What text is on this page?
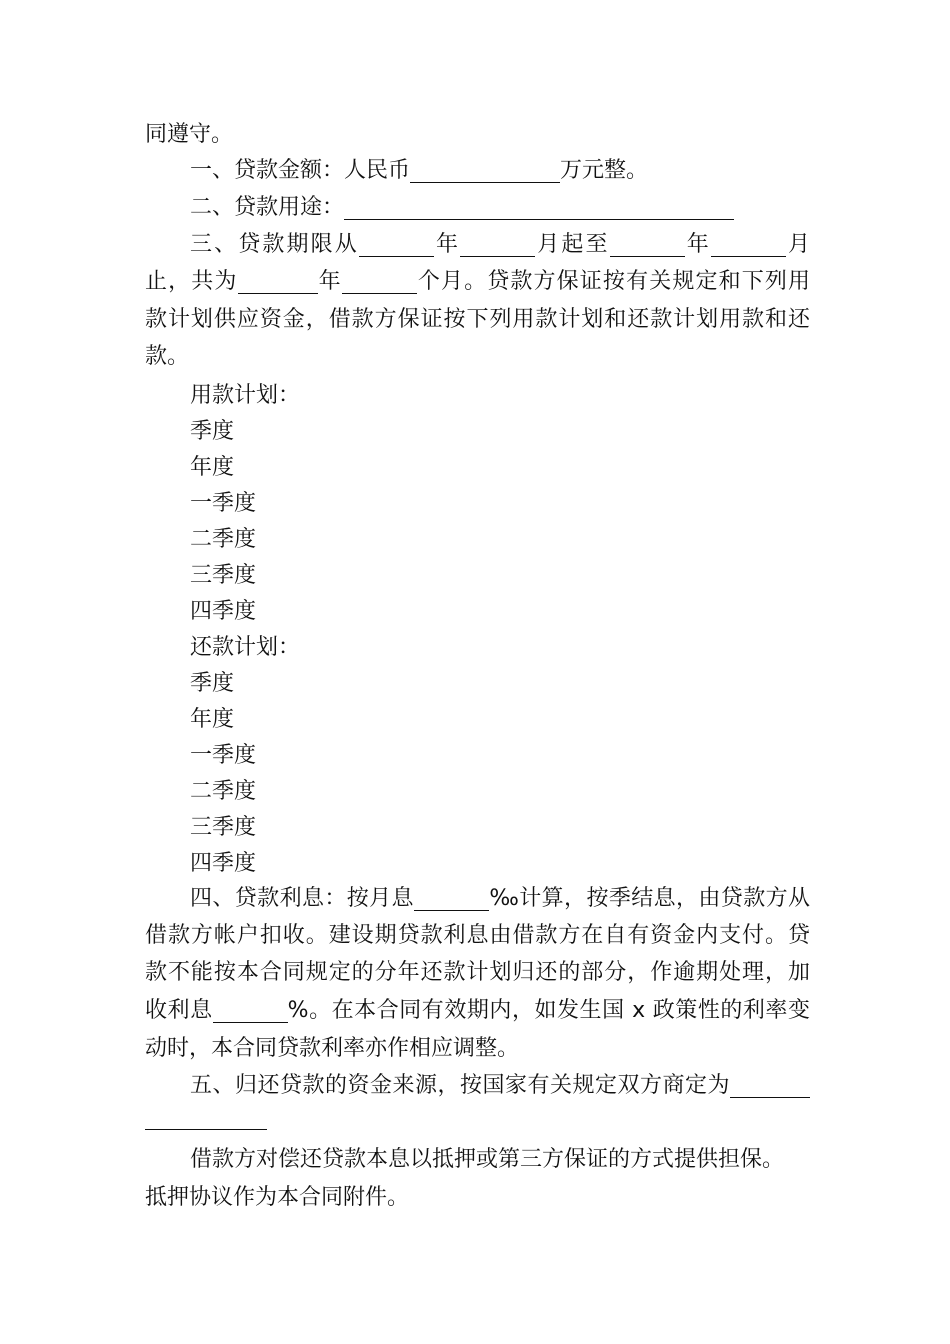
同遵守。
一、贷款金额：人民币	万元整。
二、贷款用途：
三、贷款期限从	年	月起至	年	月
止，共为	年	个月。贷款方保证按有关规定和下列用
款计划供应资金，借款方保证按下列用款计划和还款计划用款和还
款。
用款计划：
季度
年度
一季度
二季度
三季度
四季度
还款计划：
季度
年度
一季度
二季度
三季度
四季度
四、贷款利息：按月息	‰计算，按季结息，由贷款方从
借款方帐户扣收。建设期贷款利息由借款方在自有资金内支付。贷
款不能按本合同规定的分年还款计划归还的部分，作逾期处理，加
收利息	%。在本合同有效期内，如发生国 x 政策性的利率变
动时，本合同贷款利率亦作相应调整。
五、归还贷款的资金来源，按国家有关规定双方商定为
借款方对偿还贷款本息以抵押或第三方保证的方式提供担保。
抵押协议作为本合同附件。
